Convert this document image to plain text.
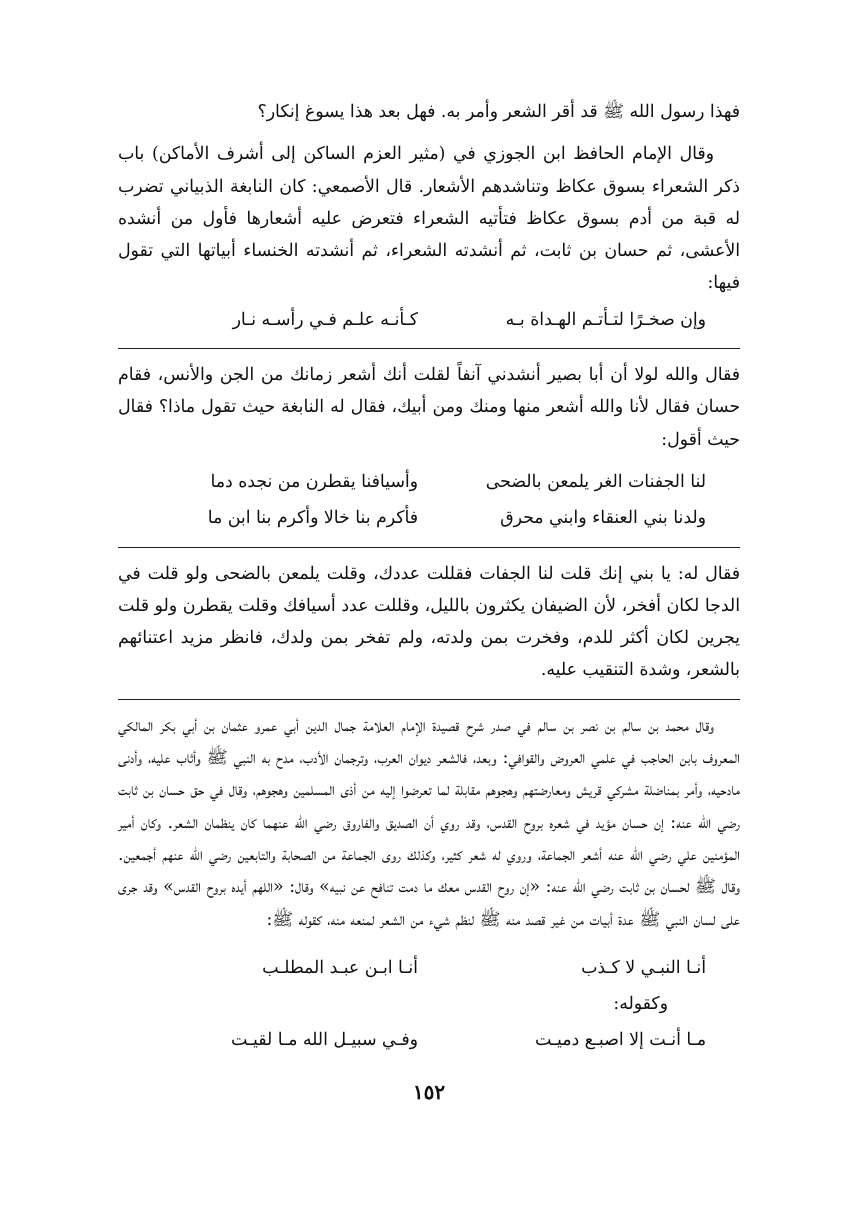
فهذا رسول الله ﷺ قد أقر الشعر وأمر به. فهل بعد هذا يسوغ إنكار؟

وقال الإمام الحافظ ابن الجوزي في (مثير العزم الساكن إلى أشرف الأماكن) باب ذكر الشعراء بسوق عكاظ وتناشدهم الأشعار. قال الأصمعي: كان النابغة الذبياني تضرب له قبة من أدم بسوق عكاظ فتأتيه الشعراء فتعرض عليه أشعارها فأول من أنشده الأعشى، ثم حسان بن ثابت، ثم أنشدته الشعراء، ثم أنشدته الخنساء أبياتها التي تقول فيها:

وإن صخـرًا لتـأتـم الهـداة بـه
كـأنـه علـم فـي رأسـه نـار

فقال والله لولا أن أبا بصير أنشدني آنفاً لقلت أنك أشعر زمانك من الجن والأنس، فقام حسان فقال لأنا والله أشعر منها ومنك ومن أبيك، فقال له النابغة حيث تقول ماذا؟ فقال حيث أقول:

لنا الجفنات الغر يلمعن بالضحى
وأسيافنا يقطرن من نجده دما
ولدنا بني العنقاء وابني محرق
فأكرم بنا خالا وأكرم بنا ابن ما

فقال له: يا بني إنك قلت لنا الجفات فقللت عددك، وقلت يلمعن بالضحى ولو قلت في الدجا لكان أفخر، لأن الضيفان يكثرون بالليل، وقللت عدد أسيافك وقلت يقطرن ولو قلت يجرين لكان أكثر للدم، وفخرت بمن ولدته، ولم تفخر بمن ولدك، فانظر مزيد اعتنائهم بالشعر، وشدة التنقيب عليه.

وقال محمد بن سالم بن نصر بن سالم في صدر شرح قصيدة الإمام العلامة جمال الدين أبي عمرو عثمان بن أبي بكر المالكي المعروف بابن الحاجب في علمي العروض والقوافي: وبعد، فالشعر ديوان العرب، وترجمان الأدب، مدح به النبي ﷺ وأثاب عليه، وأدنى مادحيه، وأمر بمناضلة مشركي قريش ومعارضتهم وهجوهم مقابلة لما تعرضوا إليه من أذى المسلمين وهجوهم، وقال في حق حسان بن ثابت رضي الله عنه: إن حسان مؤيد في شعره بروح القدس، وقد روي أن الصديق والفاروق رضي الله عنهما كان ينظمان الشعر. وكان أمير المؤمنين علي رضي الله عنه أشعر الجماعة، وروي له شعر كثير، وكذلك روى الجماعة من الصحابة والتابعين رضي الله عنهم أجمعين. وقال ﷺ لحسان بن ثابت رضي الله عنه: «إن روح القدس معك ما دمت تنافح عن نبيه» وقال: «اللهم أيده بروح القدس» وقد جرى على لسان النبي ﷺ عدة أبيات من غير قصد منه ﷺ لنظم شيء من الشعر لمنعه منه، كقوله ﷺ:

أنـا النبـي لا كـذب
أنـا ابـن عبـد المطلـب

وكقوله:

مـا أنـت إلا اصبـع دميـت
وفـي سبيـل الله مـا لقيـت
١٥٢
